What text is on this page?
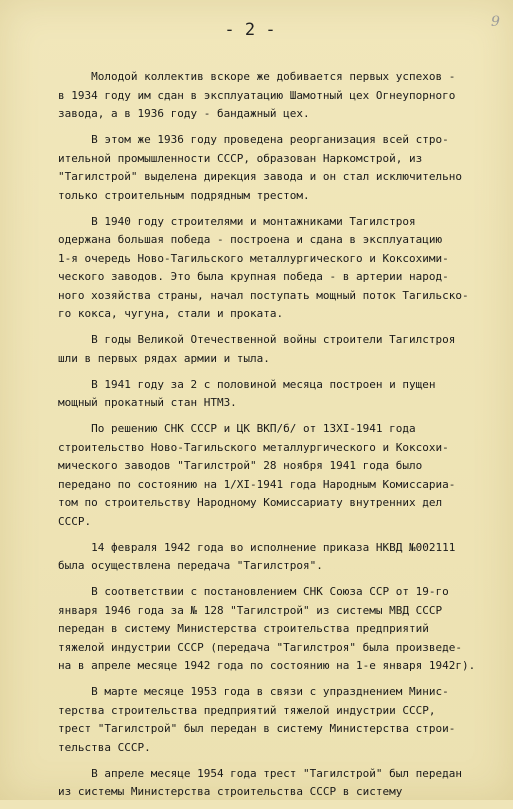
- 2 -	9
Молодой коллектив вскоре же добивается первых успехов -
в 1934 году им сдан в эксплуатацию Шамотный цех Огнеупорного
завода, а в 1936 году - бандажный цех.
В этом же 1936 году проведена реорганизация всей стро-
ительной промышленности СССР, образован Наркомстрой, из
"Тагилстрой" выделена дирекция завода и он стал исключительно
только строительным подрядным трестом.
В 1940 году строителями и монтажниками Тагилстроя
одержана большая победа - построена и сдана в эксплуатацию
1-я очередь Ново-Тагильского металлургического и Коксохими-
ческого заводов. Это была крупная победа - в артерии народ-
ного хозяйства страны, начал поступать мощный поток Тагильско-
го кокса, чугуна, стали и проката.
В годы Великой Отечественной войны строители Тагилстроя
шли в первых рядах армии и тыла.
В 1941 году за 2 с половиной месяца построен и пущен
мощный прокатный стан НТМЗ.
По решению СНК СССР и ЦК ВКП/б/ от 13XI-1941 года
строительство Ново-Тагильского металлургического и Коксохи-
мического заводов "Тагилстрой" 28 ноября 1941 года было
передано по состоянию на 1/XI-1941 года Народным Комиссариа-
том по строительству Народному Комиссариату внутренних дел
СССР.
14 февраля 1942 года во исполнение приказа НКВД №002111
была осуществлена передача "Тагилстроя".
В соответствии с постановлением СНК Союза ССР от 19-го
января 1946 года за № 128 "Тагилстрой" из системы МВД СССР
передан в систему Министерства строительства предприятий
тяжелой индустрии СССР (передача "Тагилстроя" была произведе-
на в апреле месяце 1942 года по состоянию на 1-е января 1942г).
В марте месяце 1953 года в связи с упразднением Минис-
терства строительства предприятий тяжелой индустрии СССР,
трест "Тагилстрой" был передан в систему Министерства строи-
тельства СССР.
В апреле месяце 1954 года трест "Тагилстрой" был передан
из системы Министерства строительства СССР в систему
